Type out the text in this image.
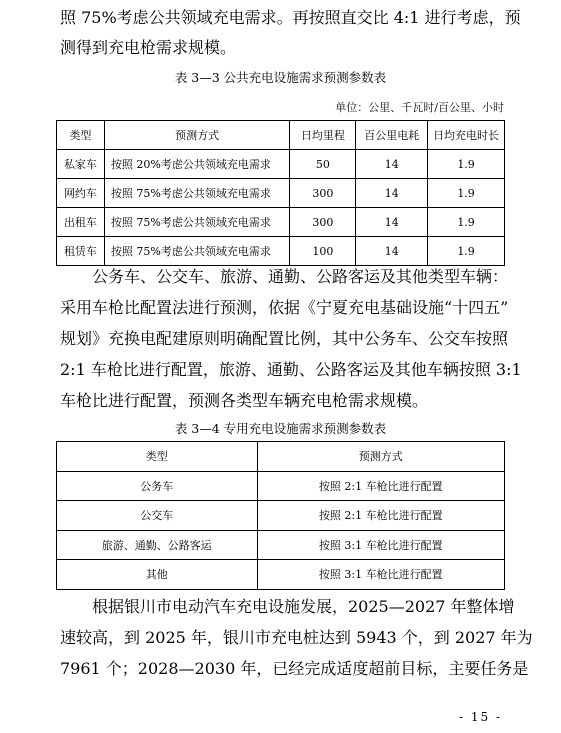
照 75%考虑公共领域充电需求。再按照直交比 4:1 进行考虑，预
测得到充电枪需求规模。
表 3—3 公共充电设施需求预测参数表
单位：公里、千瓦时/百公里、小时
类型	预测方式	日均里程	百公里电耗	日均充电时长
私家车	按照 20%考虑公共领域充电需求	50	14	1.9
网约车	按照 75%考虑公共领域充电需求	300	14	1.9
出租车	按照 75%考虑公共领域充电需求	300	14	1.9
租赁车	按照 75%考虑公共领域充电需求	100	14	1.9
公务车、公交车、旅游、通勤、公路客运及其他类型车辆：
采用车枪比配置法进行预测，依据《宁夏充电基础设施“十四五”
规划》充换电配建原则明确配置比例，其中公务车、公交车按照
2:1 车枪比进行配置，旅游、通勤、公路客运及其他车辆按照 3:1
车枪比进行配置，预测各类型车辆充电枪需求规模。
表 3—4 专用充电设施需求预测参数表
类型	预测方式
公务车	按照 2:1 车枪比进行配置
公交车	按照 2:1 车枪比进行配置
旅游、通勤、公路客运	按照 3:1 车枪比进行配置
其他	按照 3:1 车枪比进行配置
根据银川市电动汽车充电设施发展，2025—2027 年整体增
速较高，到 2025 年，银川市充电桩达到 5943 个，到 2027 年为
7961 个；2028—2030 年，已经完成适度超前目标，主要任务是
- 15 -
